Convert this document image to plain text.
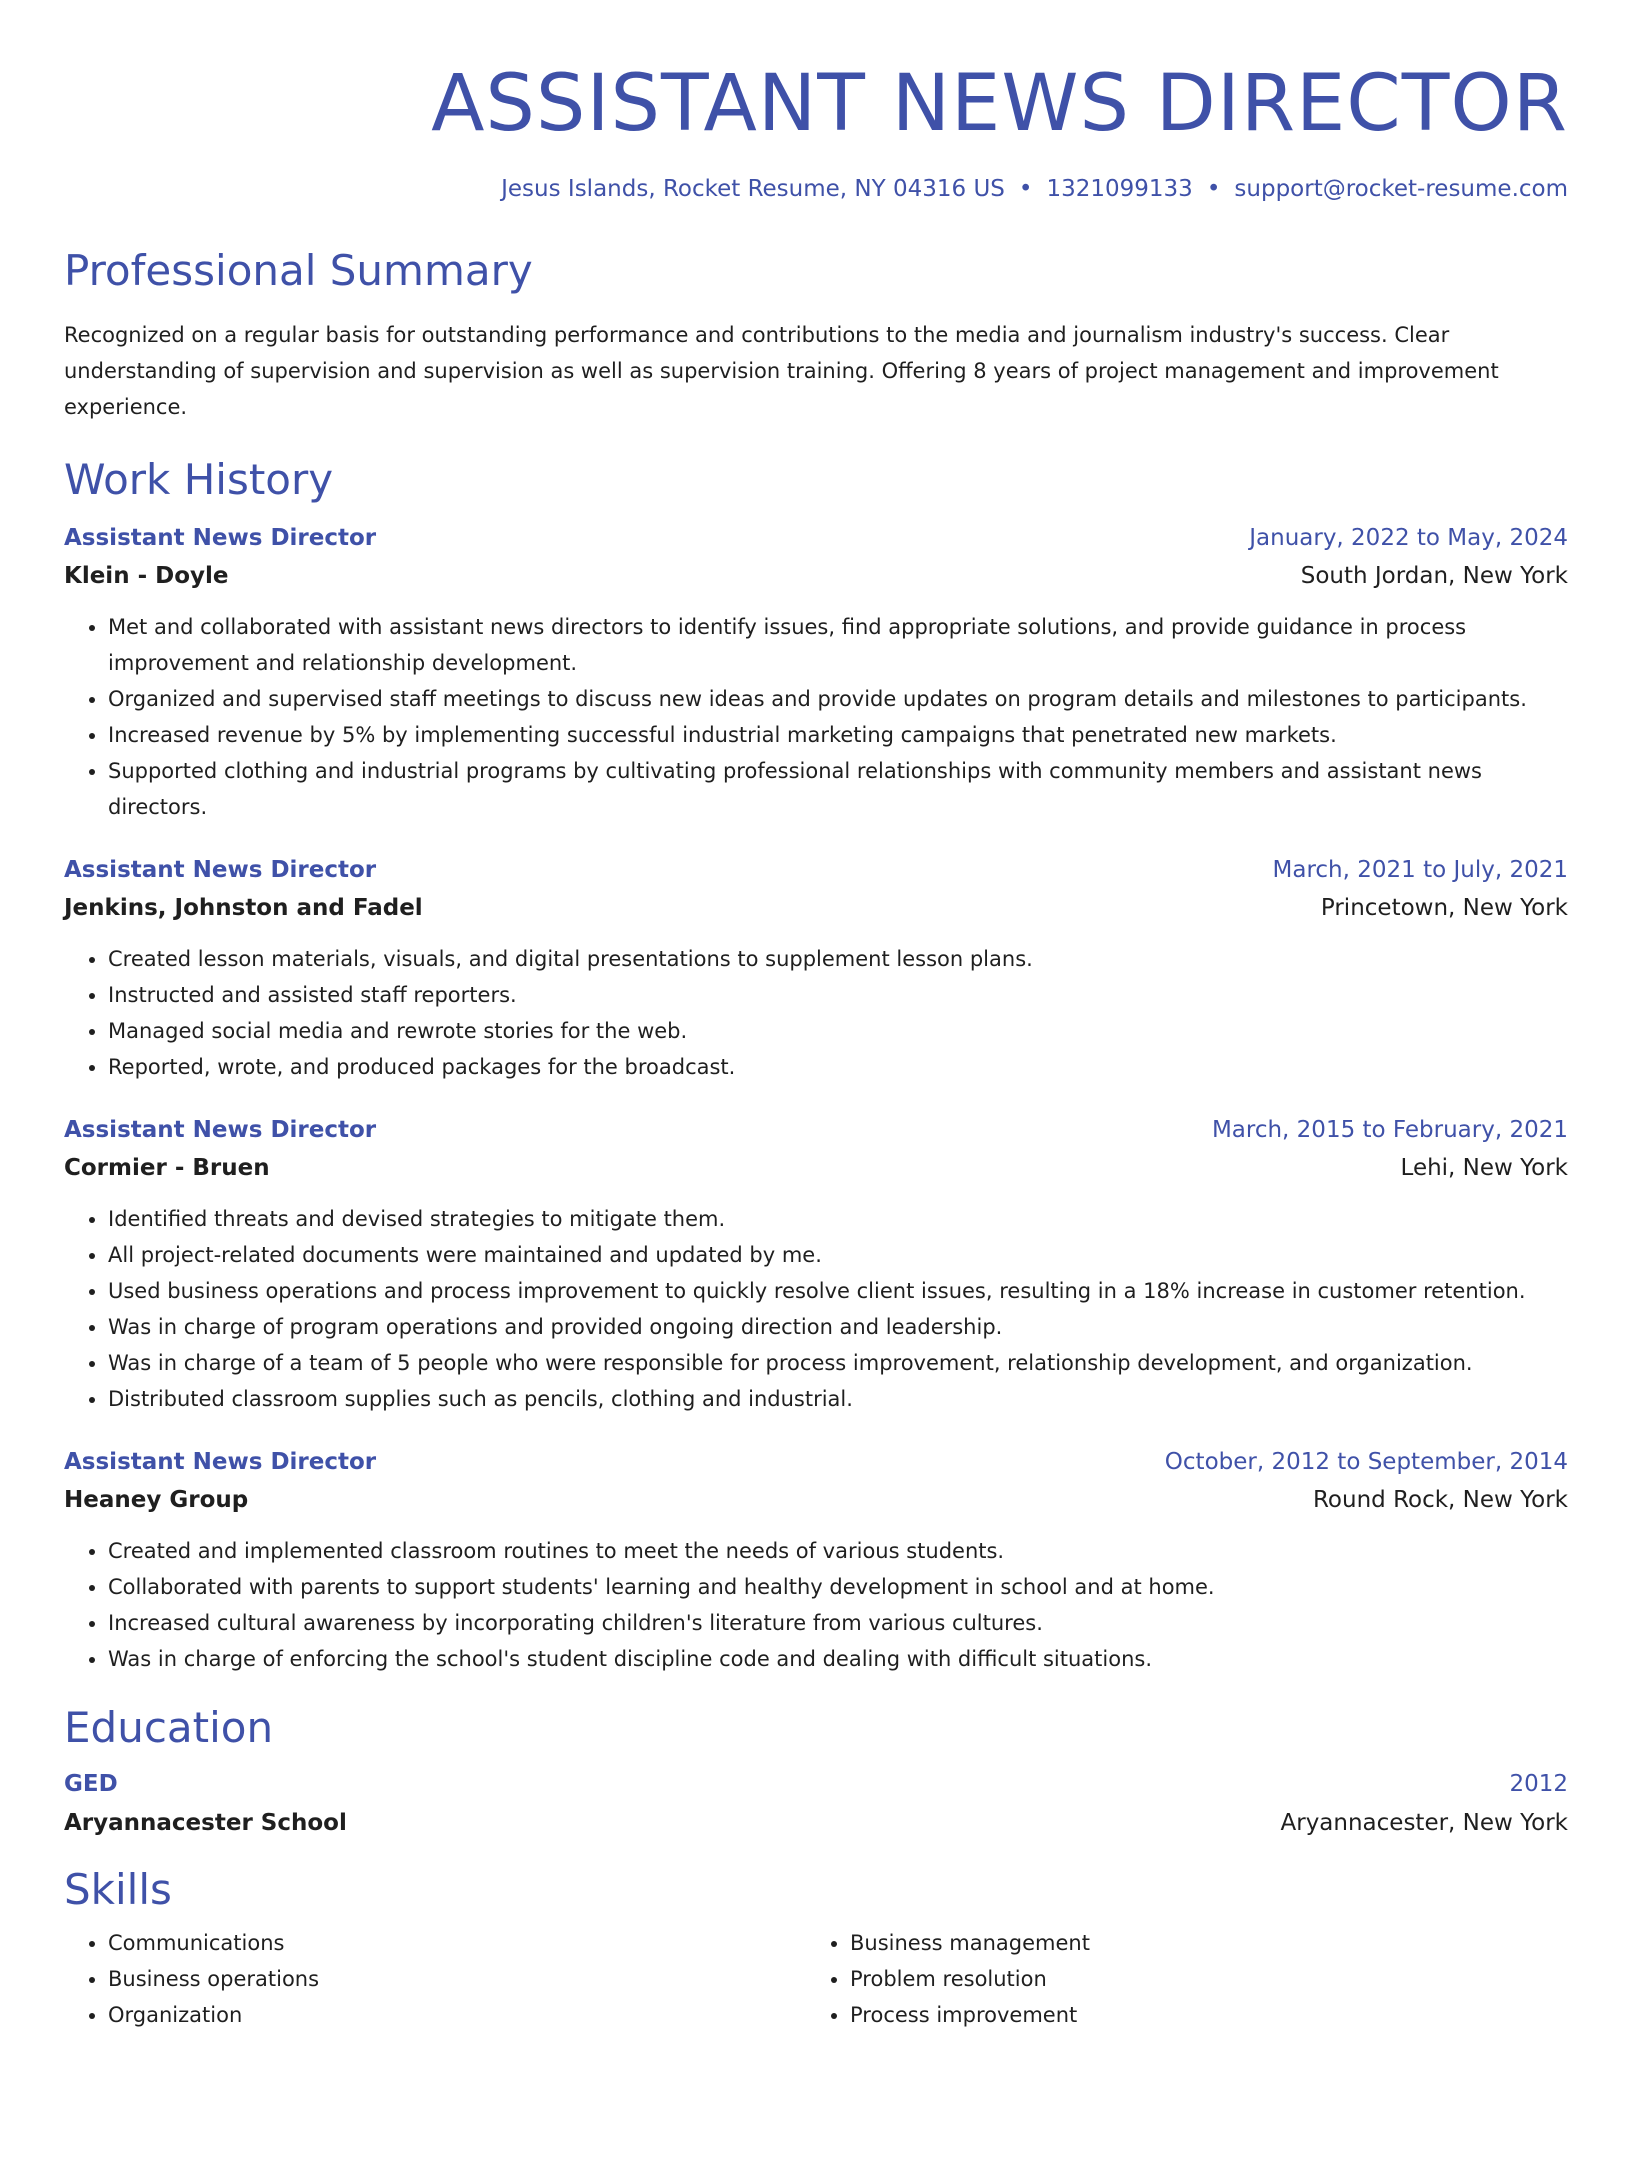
ASSISTANT NEWS DIRECTOR
Jesus Islands, Rocket Resume, NY 04316 US • 1321099133 • support@rocket-resume.com
Professional Summary
Recognized on a regular basis for outstanding performance and contributions to the media and journalism industry's success. Clear understanding of supervision and supervision as well as supervision training. Offering 8 years of project management and improvement experience.
Work History
Assistant News Director	January, 2022 to May, 2024
Klein - Doyle	South Jordan, New York
• Met and collaborated with assistant news directors to identify issues, find appropriate solutions, and provide guidance in process improvement and relationship development.
• Organized and supervised staff meetings to discuss new ideas and provide updates on program details and milestones to participants.
• Increased revenue by 5% by implementing successful industrial marketing campaigns that penetrated new markets.
• Supported clothing and industrial programs by cultivating professional relationships with community members and assistant news directors.
Assistant News Director	March, 2021 to July, 2021
Jenkins, Johnston and Fadel	Princetown, New York
• Created lesson materials, visuals, and digital presentations to supplement lesson plans.
• Instructed and assisted staff reporters.
• Managed social media and rewrote stories for the web.
• Reported, wrote, and produced packages for the broadcast.
Assistant News Director	March, 2015 to February, 2021
Cormier - Bruen	Lehi, New York
• Identified threats and devised strategies to mitigate them.
• All project-related documents were maintained and updated by me.
• Used business operations and process improvement to quickly resolve client issues, resulting in a 18% increase in customer retention.
• Was in charge of program operations and provided ongoing direction and leadership.
• Was in charge of a team of 5 people who were responsible for process improvement, relationship development, and organization.
• Distributed classroom supplies such as pencils, clothing and industrial.
Assistant News Director	October, 2012 to September, 2014
Heaney Group	Round Rock, New York
• Created and implemented classroom routines to meet the needs of various students.
• Collaborated with parents to support students' learning and healthy development in school and at home.
• Increased cultural awareness by incorporating children's literature from various cultures.
• Was in charge of enforcing the school's student discipline code and dealing with difficult situations.
Education
GED	2012
Aryannacester School	Aryannacester, New York
Skills
• Communications
• Business operations
• Organization
• Business management
• Problem resolution
• Process improvement
